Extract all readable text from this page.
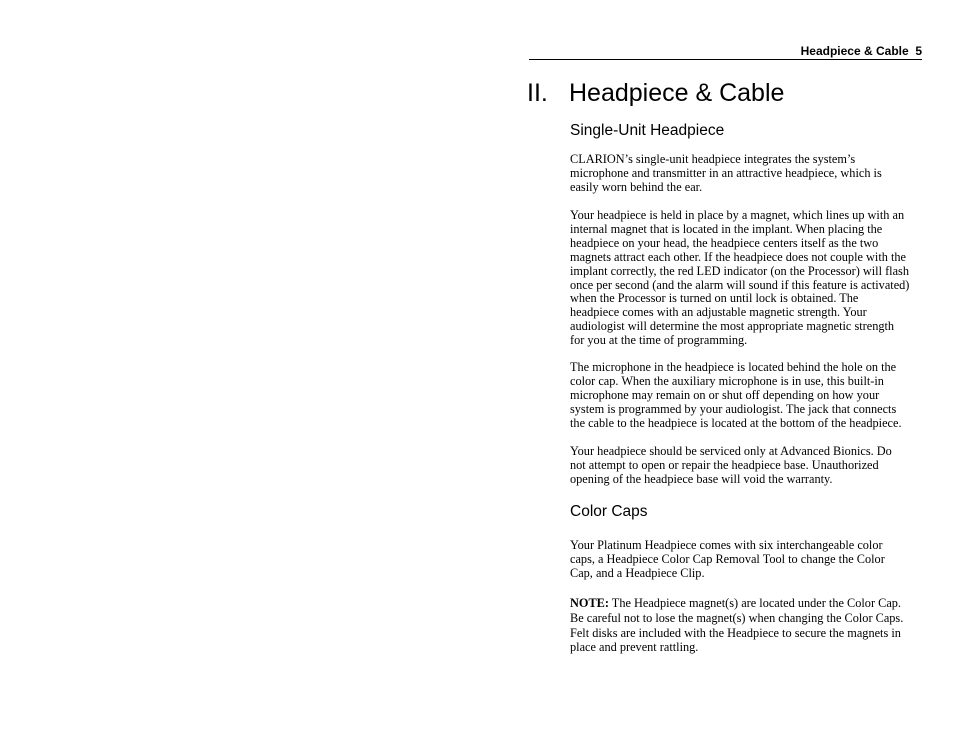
Headpiece & Cable  5
II. Headpiece & Cable
Single-Unit Headpiece
CLARION’s single-unit headpiece integrates the system’s
microphone and transmitter in an attractive headpiece, which is
easily worn behind the ear.
Your headpiece is held in place by a magnet, which lines up with an
internal magnet that is located in the implant. When placing the
headpiece on your head, the headpiece centers itself as the two
magnets attract each other. If the headpiece does not couple with the
implant correctly, the red LED indicator (on the Processor) will flash
once per second (and the alarm will sound if this feature is activated)
when the Processor is turned on until lock is obtained. The
headpiece comes with an adjustable magnetic strength. Your
audiologist will determine the most appropriate magnetic strength
for you at the time of programming.
The microphone in the headpiece is located behind the hole on the
color cap. When the auxiliary microphone is in use, this built-in
microphone may remain on or shut off depending on how your
system is programmed by your audiologist. The jack that connects
the cable to the headpiece is located at the bottom of the headpiece.
Your headpiece should be serviced only at Advanced Bionics. Do
not attempt to open or repair the headpiece base. Unauthorized
opening of the headpiece base will void the warranty.
Color Caps
Your Platinum Headpiece comes with six interchangeable color
caps, a Headpiece Color Cap Removal Tool to change the Color
Cap, and a Headpiece Clip.
NOTE: The Headpiece magnet(s) are located under the Color Cap.
Be careful not to lose the magnet(s) when changing the Color Caps.
Felt disks are included with the Headpiece to secure the magnets in
place and prevent rattling.
